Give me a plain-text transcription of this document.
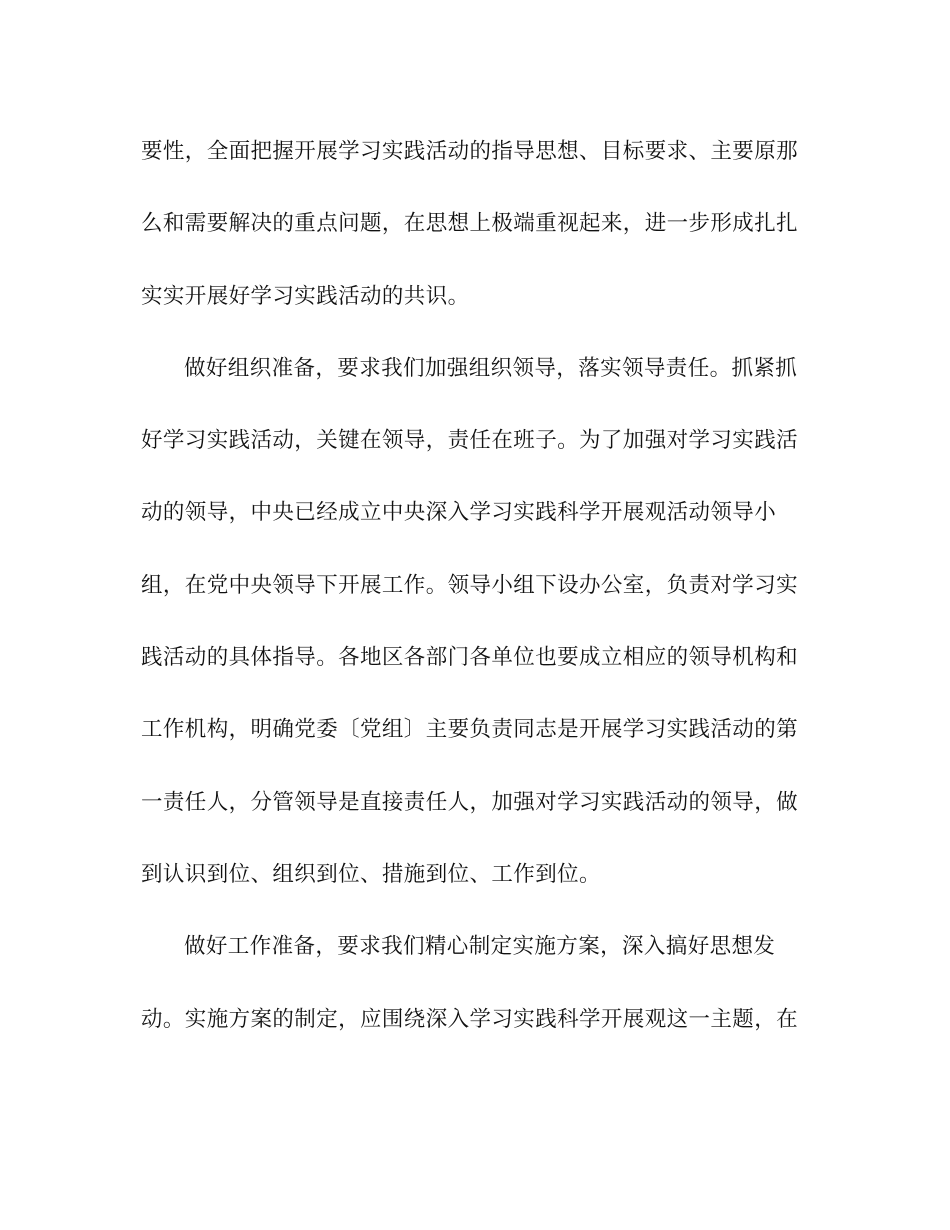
要性，全面把握开展学习实践活动的指导思想、目标要求、主要原那
么和需要解决的重点问题，在思想上极端重视起来，进一步形成扎扎
实实开展好学习实践活动的共识。
做好组织准备，要求我们加强组织领导，落实领导责任。抓紧抓
好学习实践活动，关键在领导，责任在班子。为了加强对学习实践活
动的领导，中央已经成立中央深入学习实践科学开展观活动领导小
组，在党中央领导下开展工作。领导小组下设办公室，负责对学习实
践活动的具体指导。各地区各部门各单位也要成立相应的领导机构和
工作机构，明确党委〔党组〕主要负责同志是开展学习实践活动的第
一责任人，分管领导是直接责任人，加强对学习实践活动的领导，做
到认识到位、组织到位、措施到位、工作到位。
做好工作准备，要求我们精心制定实施方案，深入搞好思想发
动。实施方案的制定，应围绕深入学习实践科学开展观这一主题，在
